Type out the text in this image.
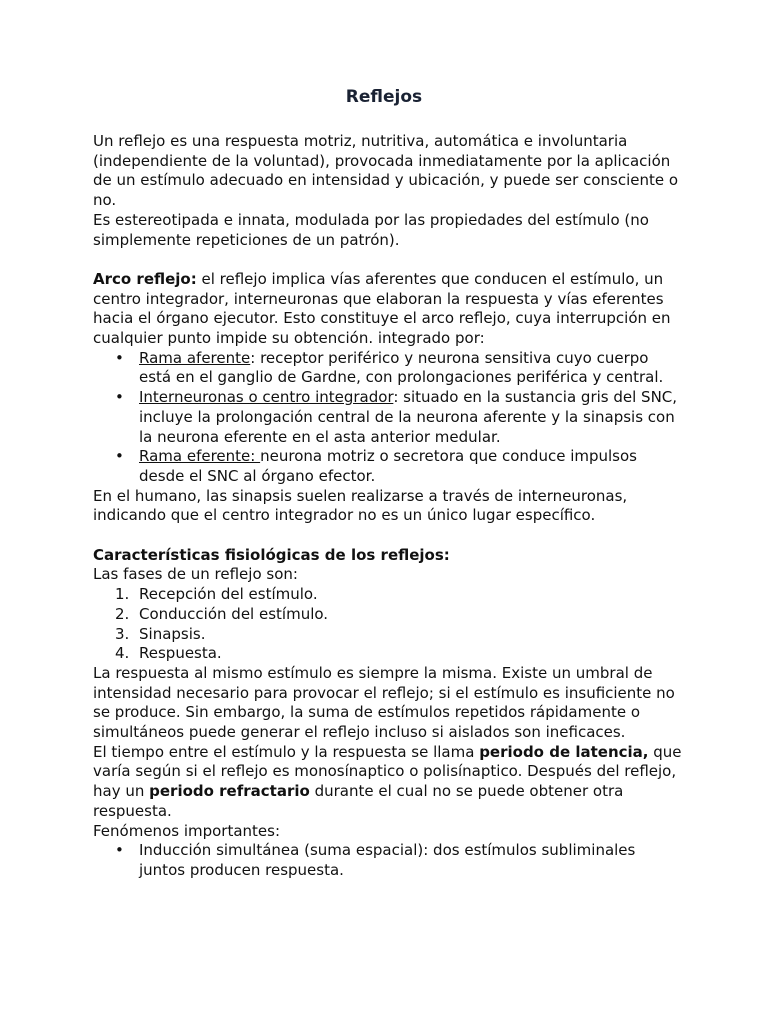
Reflejos

Un reflejo es una respuesta motriz, nutritiva, automática e involuntaria (independiente de la voluntad), provocada inmediatamente por la aplicación de un estímulo adecuado en intensidad y ubicación, y puede ser consciente o no.

Es estereotipada e innata, modulada por las propiedades del estímulo (no simplemente repeticiones de un patrón).

Arco reflejo: el reflejo implica vías aferentes que conducen el estímulo, un centro integrador, interneuronas que elaboran la respuesta y vías eferentes hacia el órgano ejecutor. Esto constituye el arco reflejo, cuya interrupción en cualquier punto impide su obtención. integrado por:

• Rama aferente: receptor periférico y neurona sensitiva cuyo cuerpo está en el ganglio de Gardne, con prolongaciones periférica y central.
• Interneuronas o centro integrador: situado en la sustancia gris del SNC, incluye la prolongación central de la neurona aferente y la sinapsis con la neurona eferente en el asta anterior medular.
• Rama eferente: neurona motriz o secretora que conduce impulsos desde el SNC al órgano efector.

En el humano, las sinapsis suelen realizarse a través de interneuronas, indicando que el centro integrador no es un único lugar específico.

Características fisiológicas de los reflejos:

Las fases de un reflejo son:

1. Recepción del estímulo.
2. Conducción del estímulo.
3. Sinapsis.
4. Respuesta.

La respuesta al mismo estímulo es siempre la misma. Existe un umbral de intensidad necesario para provocar el reflejo; si el estímulo es insuficiente no se produce. Sin embargo, la suma de estímulos repetidos rápidamente o simultáneos puede generar el reflejo incluso si aislados son ineficaces.

El tiempo entre el estímulo y la respuesta se llama periodo de latencia, que varía según si el reflejo es monosínaptico o polisínaptico. Después del reflejo, hay un periodo refractario durante el cual no se puede obtener otra respuesta.

Fenómenos importantes:

• Inducción simultánea (suma espacial): dos estímulos subliminales juntos producen respuesta.
